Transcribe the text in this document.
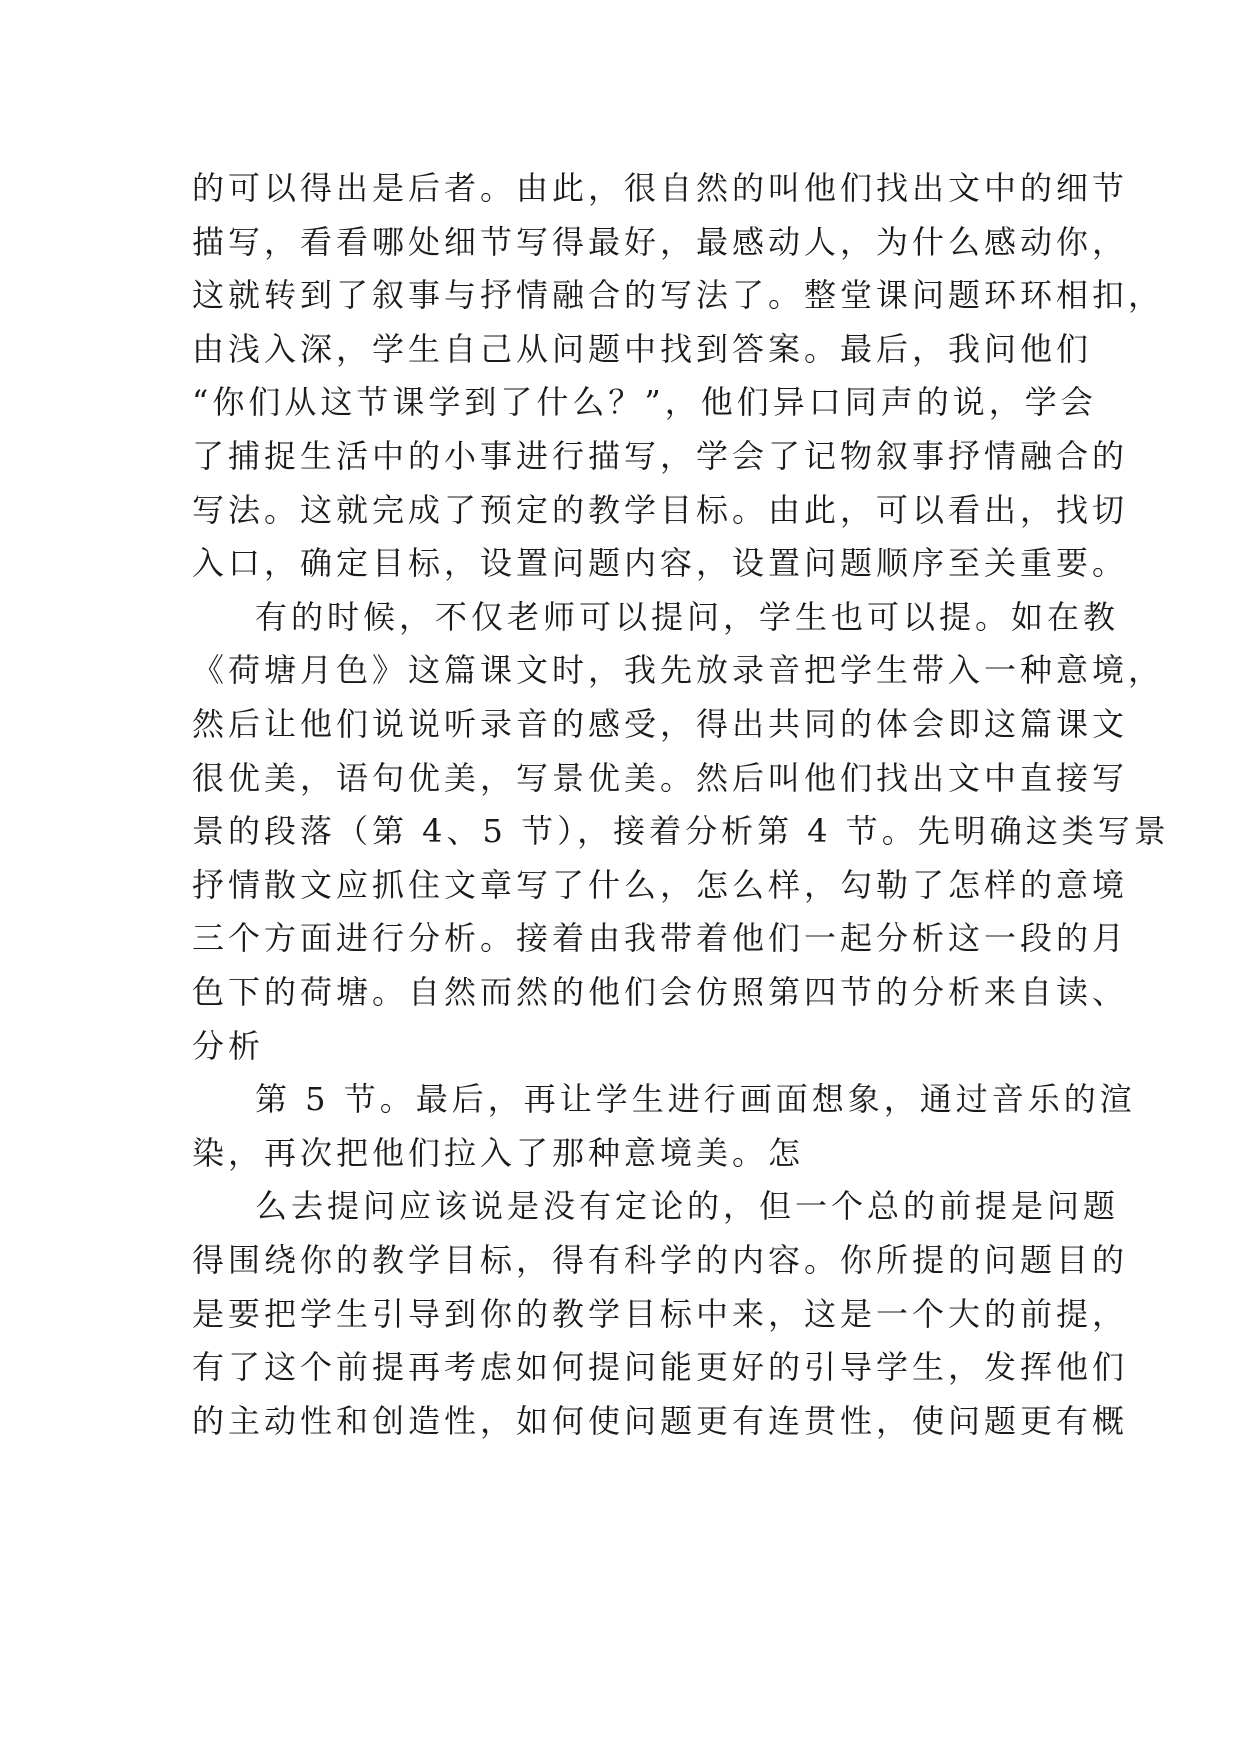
的可以得出是后者。由此，很自然的叫他们找出文中的细节
描写，看看哪处细节写得最好，最感动人，为什么感动你，
这就转到了叙事与抒情融合的写法了。整堂课问题环环相扣，
由浅入深，学生自己从问题中找到答案。最后，我问他们
“你们从这节课学到了什么？”，他们异口同声的说，学会
了捕捉生活中的小事进行描写，学会了记物叙事抒情融合的
写法。这就完成了预定的教学目标。由此，可以看出，找切
入口，确定目标，设置问题内容，设置问题顺序至关重要。
有的时候，不仅老师可以提问，学生也可以提。如在教
《荷塘月色》这篇课文时，我先放录音把学生带入一种意境，
然后让他们说说听录音的感受，得出共同的体会即这篇课文
很优美，语句优美，写景优美。然后叫他们找出文中直接写
景的段落（第 4、5 节），接着分析第 4 节。先明确这类写景
抒情散文应抓住文章写了什么，怎么样，勾勒了怎样的意境
三个方面进行分析。接着由我带着他们一起分析这一段的月
色下的荷塘。自然而然的他们会仿照第四节的分析来自读、
分析
第 5 节。最后，再让学生进行画面想象，通过音乐的渲
染，再次把他们拉入了那种意境美。怎
么去提问应该说是没有定论的，但一个总的前提是问题
得围绕你的教学目标，得有科学的内容。你所提的问题目的
是要把学生引导到你的教学目标中来，这是一个大的前提，
有了这个前提再考虑如何提问能更好的引导学生，发挥他们
的主动性和创造性，如何使问题更有连贯性，使问题更有概
